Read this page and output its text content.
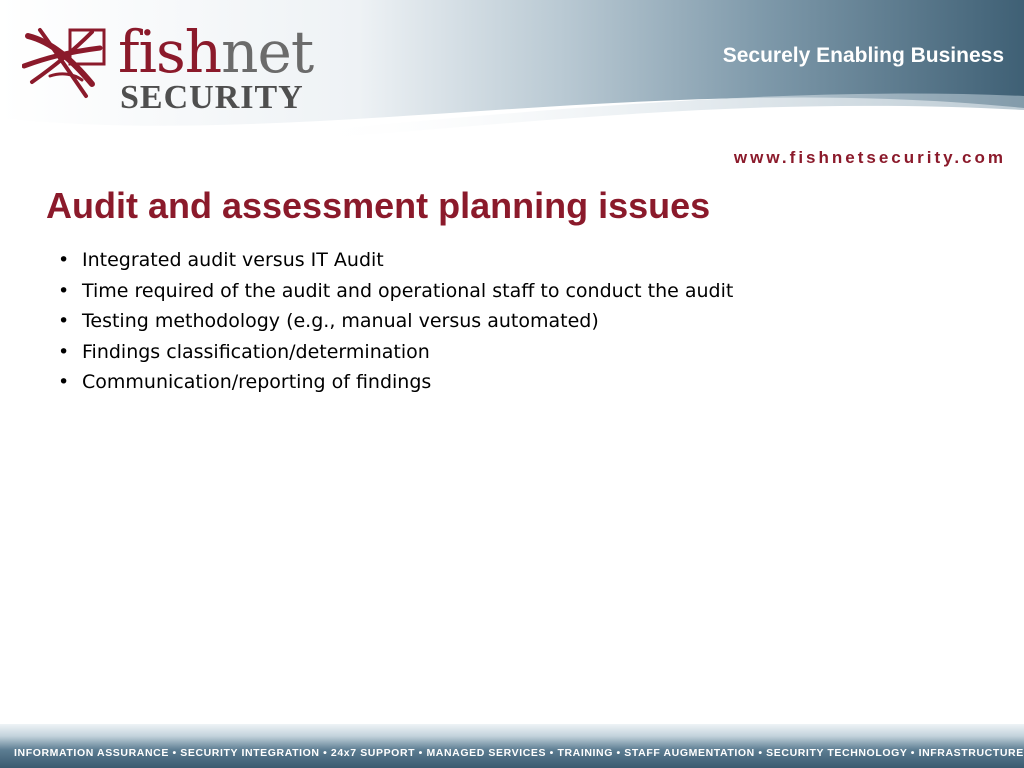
fishnet
SECURITY
Securely Enabling Business
www.fishnetsecurity.com
Audit and assessment planning issues
• Integrated audit versus IT Audit
• Time required of the audit and operational staff to conduct the audit
• Testing methodology (e.g., manual versus automated)
• Findings classification/determination
• Communication/reporting of findings
INFORMATION ASSURANCE • SECURITY INTEGRATION • 24x7 SUPPORT • MANAGED SERVICES • TRAINING • STAFF AUGMENTATION • SECURITY TECHNOLOGY • INFRASTRUCTURE
